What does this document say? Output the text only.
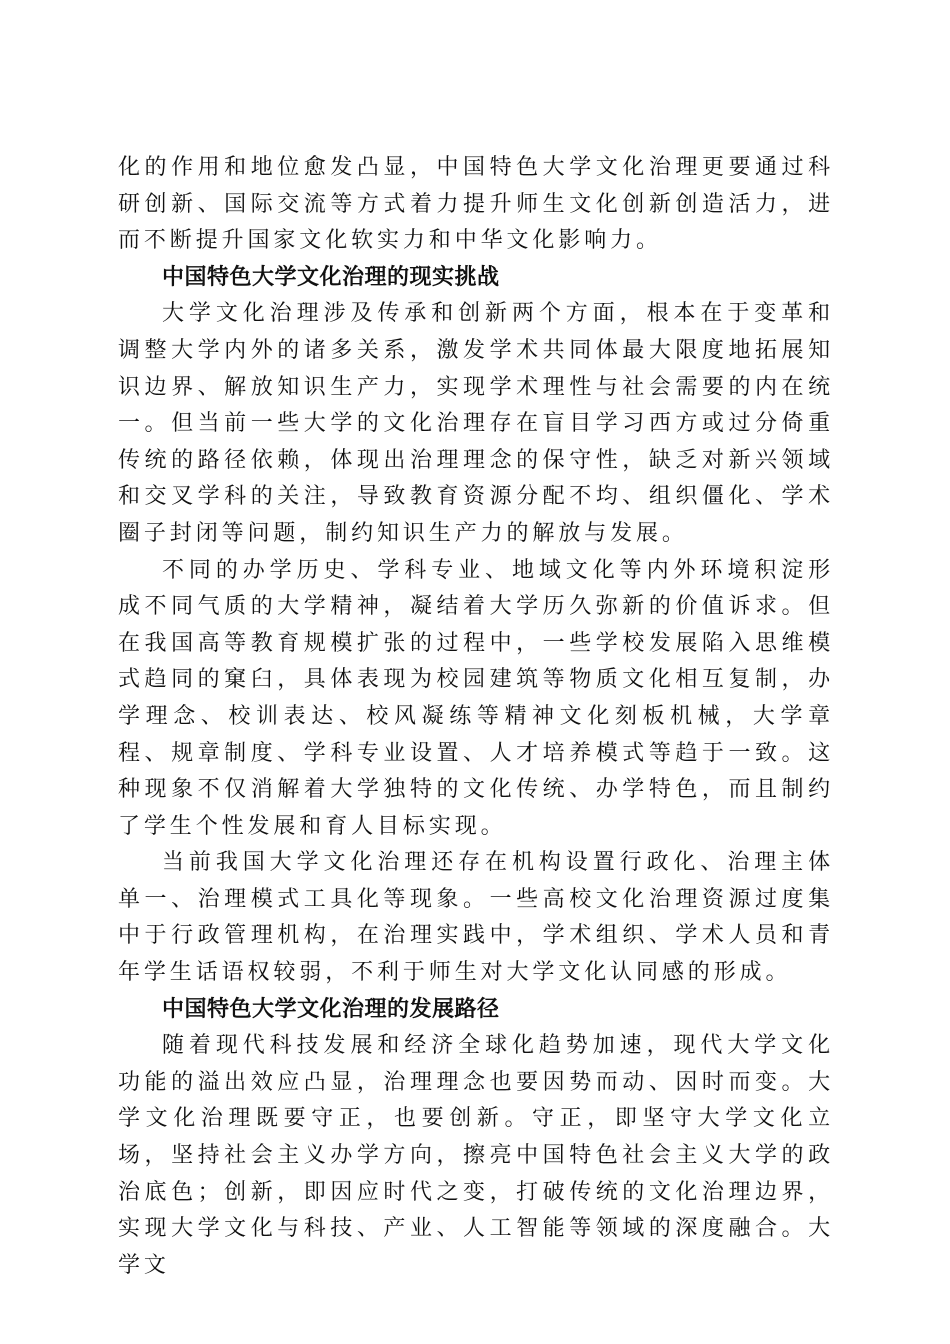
化的作用和地位愈发凸显，中国特色大学文化治理更要通过科研创新、国际交流等方式着力提升师生文化创新创造活力，进而不断提升国家文化软实力和中华文化影响力。

中国特色大学文化治理的现实挑战

大学文化治理涉及传承和创新两个方面，根本在于变革和调整大学内外的诸多关系，激发学术共同体最大限度地拓展知识边界、解放知识生产力，实现学术理性与社会需要的内在统一。但当前一些大学的文化治理存在盲目学习西方或过分倚重传统的路径依赖，体现出治理理念的保守性，缺乏对新兴领域和交叉学科的关注，导致教育资源分配不均、组织僵化、学术圈子封闭等问题，制约知识生产力的解放与发展。

不同的办学历史、学科专业、地域文化等内外环境积淀形成不同气质的大学精神，凝结着大学历久弥新的价值诉求。但在我国高等教育规模扩张的过程中，一些学校发展陷入思维模式趋同的窠臼，具体表现为校园建筑等物质文化相互复制，办学理念、校训表达、校风凝练等精神文化刻板机械，大学章程、规章制度、学科专业设置、人才培养模式等趋于一致。这种现象不仅消解着大学独特的文化传统、办学特色，而且制约了学生个性发展和育人目标实现。

当前我国大学文化治理还存在机构设置行政化、治理主体单一、治理模式工具化等现象。一些高校文化治理资源过度集中于行政管理机构，在治理实践中，学术组织、学术人员和青年学生话语权较弱，不利于师生对大学文化认同感的形成。

中国特色大学文化治理的发展路径

随着现代科技发展和经济全球化趋势加速，现代大学文化功能的溢出效应凸显，治理理念也要因势而动、因时而变。大学文化治理既要守正，也要创新。守正，即坚守大学文化立场，坚持社会主义办学方向，擦亮中国特色社会主义大学的政治底色；创新，即因应时代之变，打破传统的文化治理边界，实现大学文化与科技、产业、人工智能等领域的深度融合。大学文
